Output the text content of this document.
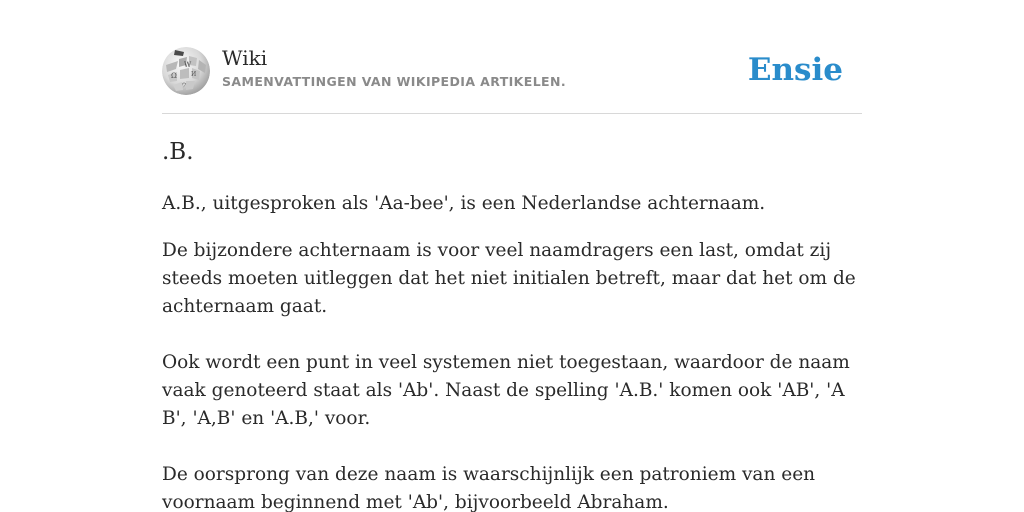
W
Ω И
ウ
Wiki
SAMENVATTINGEN VAN WIKIPEDIA ARTIKELEN.	Ensie
.B.

A.B., uitgesproken als 'Aa-bee', is een Nederlandse achternaam.

De bijzondere achternaam is voor veel naamdragers een last, omdat zij steeds moeten uitleggen dat het niet initialen betreft, maar dat het om de achternaam gaat.

Ook wordt een punt in veel systemen niet toegestaan, waardoor de naam vaak genoteerd staat als 'Ab'. Naast de spelling 'A.B.' komen ook 'AB', 'A B', 'A,B' en 'A.B,' voor.

De oorsprong van deze naam is waarschijnlijk een patroniem van een voornaam beginnend met 'Ab', bijvoorbeeld Abraham.
